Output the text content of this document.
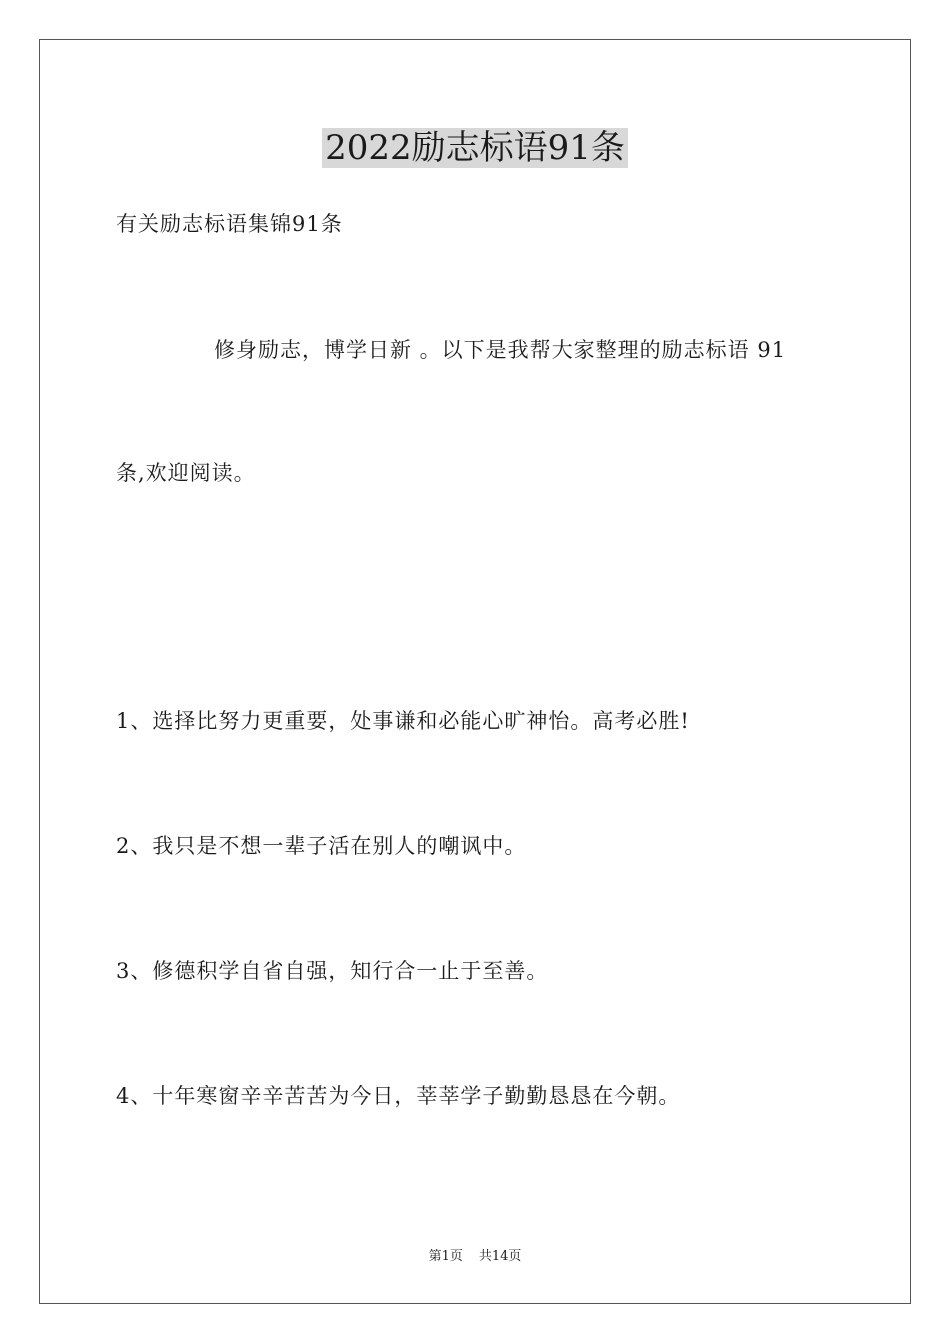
2022励志标语91条

有关励志标语集锦91条

修身励志，博学日新 。以下是我帮大家整理的励志标语 91

条,欢迎阅读。

1、选择比努力更重要，处事谦和必能心旷神怡。高考必胜!

2、我只是不想一辈子活在别人的嘲讽中。

3、修德积学自省自强，知行合一止于至善。

4、十年寒窗辛辛苦苦为今日，莘莘学子勤勤恳恳在今朝。

第1页 共14页
